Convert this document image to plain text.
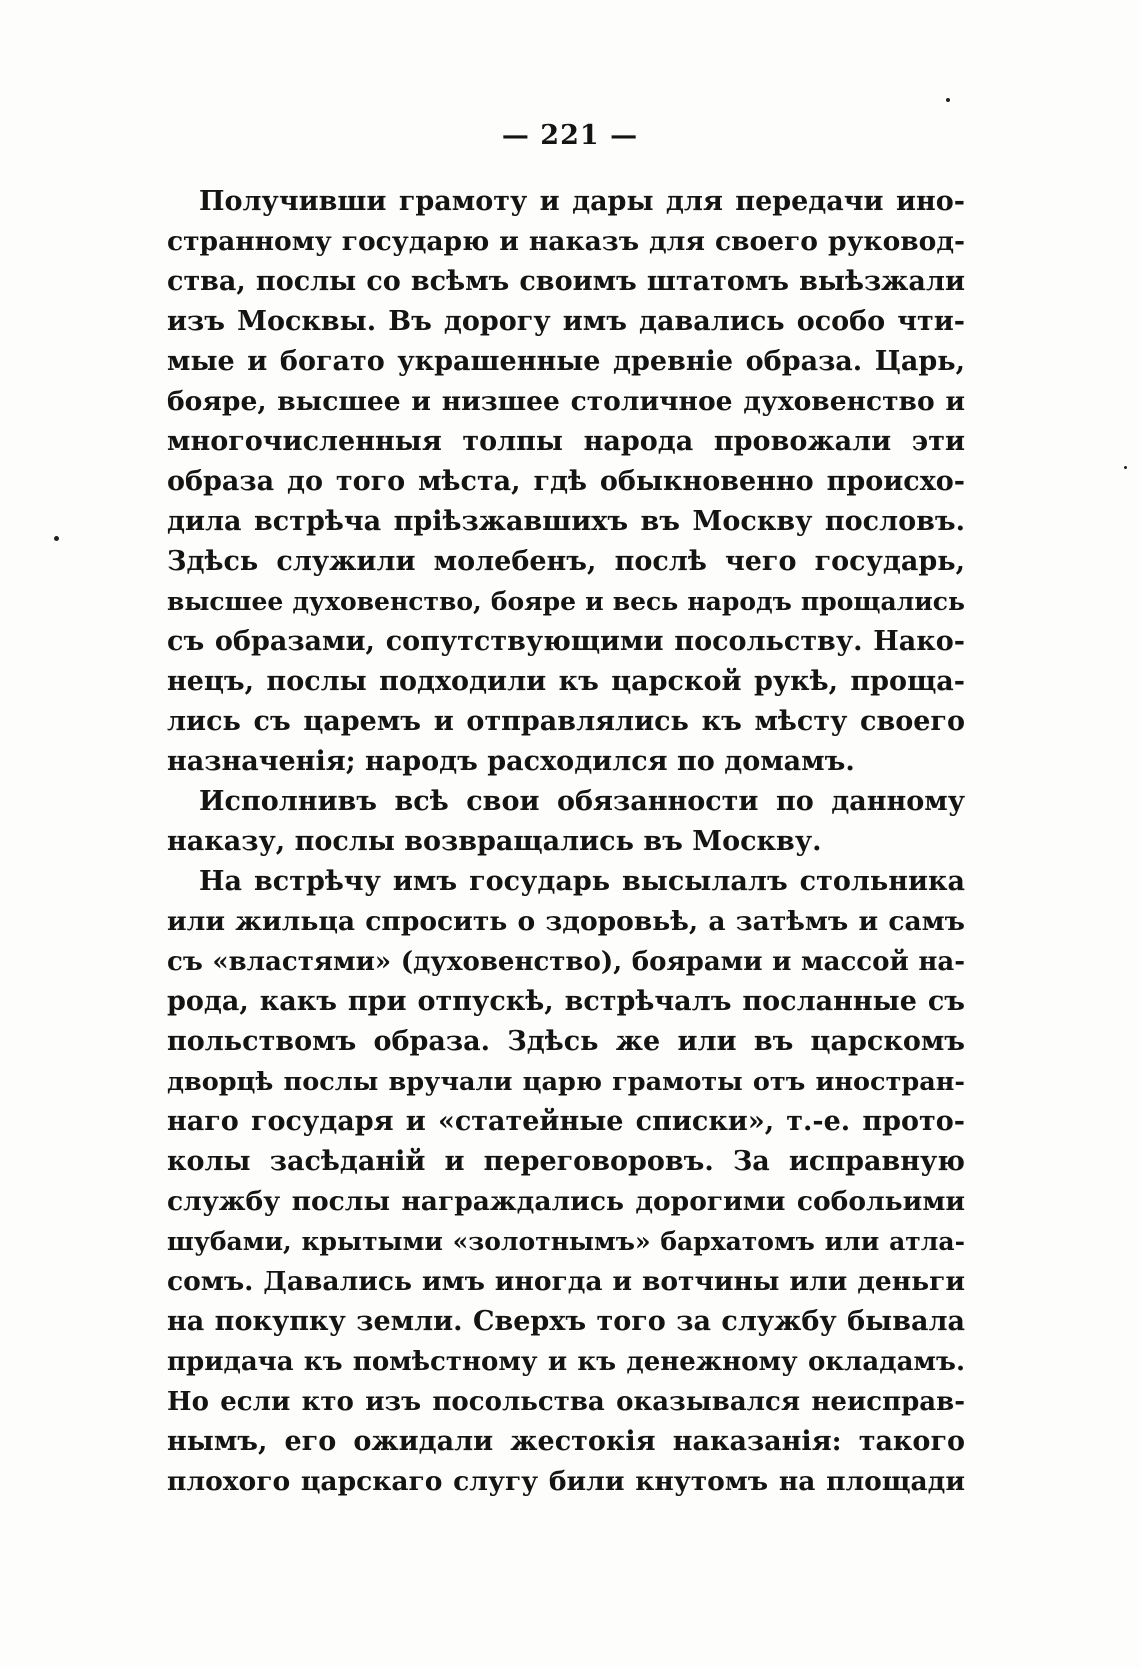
— 221 —
Получивши грамоту и дары для передачи ино-
странному государю и наказъ для своего руковод-
ства, послы со всѣмъ своимъ штатомъ выѣзжали
изъ Москвы. Въ дорогу имъ давались особо чти-
мые и богато украшенные древніе образа. Царь,
бояре, высшее и низшее столичное духовенство и
многочисленныя толпы народа провожали эти
образа до того мѣста, гдѣ обыкновенно происхо-
дила встрѣча пріѣзжавшихъ въ Москву пословъ.
Здѣсь служили молебенъ, послѣ чего государь,
высшее духовенство, бояре и весь народъ прощались
съ образами, сопутствующими посольству. Нако-
нецъ, послы подходили къ царской рукѣ, проща-
лись съ царемъ и отправлялись къ мѣсту своего
назначенія; народъ расходился по домамъ.
Исполнивъ всѣ свои обязанности по данному
наказу, послы возвращались въ Москву.
На встрѣчу имъ государь высылалъ стольника
или жильца спросить о здоровьѣ, а затѣмъ и самъ
съ «властями» (духовенство), боярами и массой на-
рода, какъ при отпускѣ, встрѣчалъ посланные съ
польствомъ образа. Здѣсь же или въ царскомъ
дворцѣ послы вручали царю грамоты отъ иностран-
наго государя и «статейные списки», т.-е. прото-
колы засѣданій и переговоровъ. За исправную
службу послы награждались дорогими собольими
шубами, крытыми «золотнымъ» бархатомъ или атла-
сомъ. Давались имъ иногда и вотчины или деньги
на покупку земли. Сверхъ того за службу бывала
придача къ помѣстному и къ денежному окладамъ.
Но если кто изъ посольства оказывался неисправ-
нымъ, его ожидали жестокія наказанія: такого
плохого царскаго слугу били кнутомъ на площади
